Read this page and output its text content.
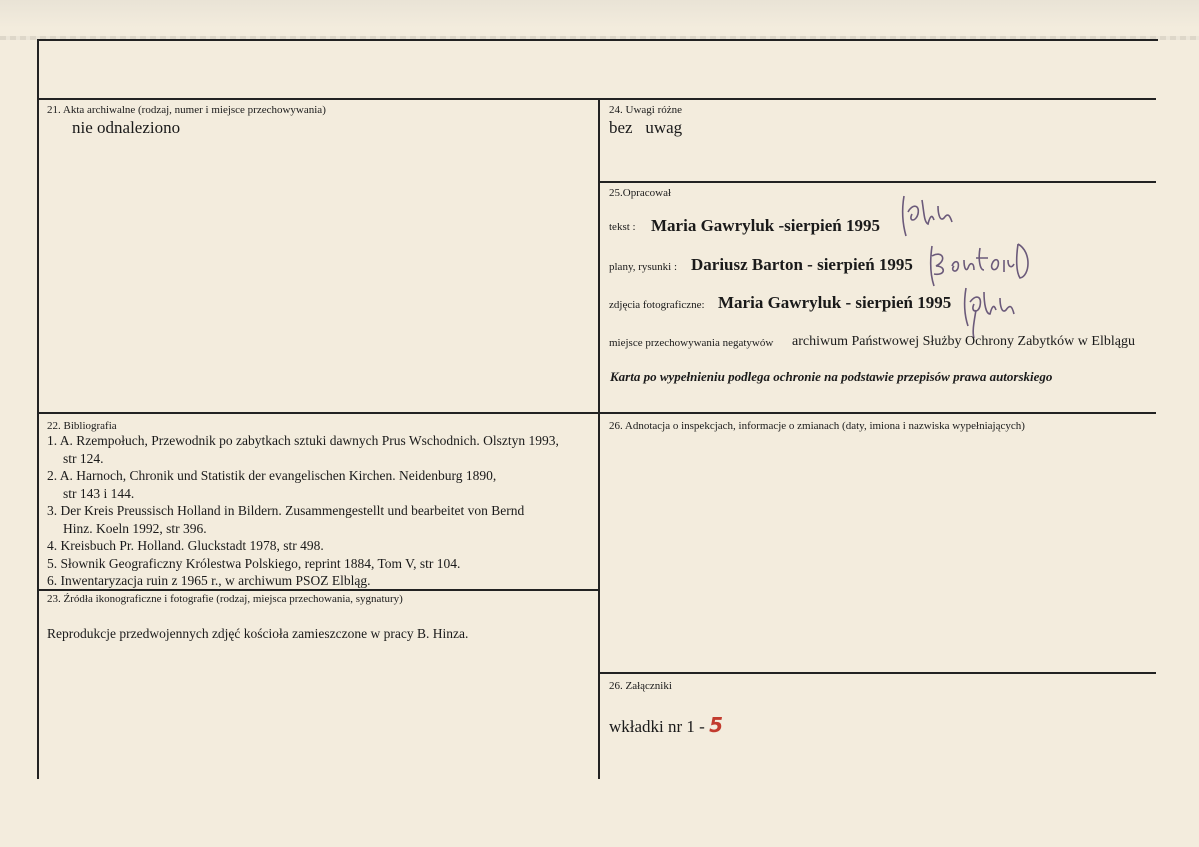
21. Akta archiwalne (rodzaj, numer i miejsce przechowywania)
nie odnaleziono
24. Uwagi różne
bez   uwag
25.Opracował
tekst : Maria Gawryluk -sierpień 1995
plany, rysunki : Dariusz Barton - sierpień 1995
zdjęcia fotograficzne: Maria Gawryluk - sierpień 1995
miejsce przechowywania negatywów archiwum Państwowej Służby Ochrony Zabytków w Elblągu
Karta po wypełnieniu podlega ochronie na podstawie przepisów prawa autorskiego
22. Bibliografia

1. A. Rzempołuch, Przewodnik po zabytkach sztuki dawnych Prus Wschodnich. Olsztyn 1993,

str 124.

2. A. Harnoch, Chronik und Statistik der evangelischen Kirchen. Neidenburg 1890,

str 143 i 144.

3. Der Kreis Preussisch Holland in Bildern. Zusammengestellt und bearbeitet von Bernd

Hinz. Koeln 1992, str 396.

4. Kreisbuch Pr. Holland. Gluckstadt 1978, str 498.

5. Słownik Geograficzny Królestwa Polskiego, reprint 1884, Tom V, str 104.

6. Inwentaryzacja ruin z 1965 r., w archiwum PSOZ Elbląg.

26. Adnotacja o inspekcjach, informacje o zmianach (daty, imiona i nazwiska wypełniających)
23. Źródła ikonograficzne i fotografie (rodzaj, miejsca przechowania, sygnatury)
Reprodukcje przedwojennych zdjęć kościoła zamieszczone w pracy B. Hinza.
26. Załączniki
wkładki nr 1 - 5
